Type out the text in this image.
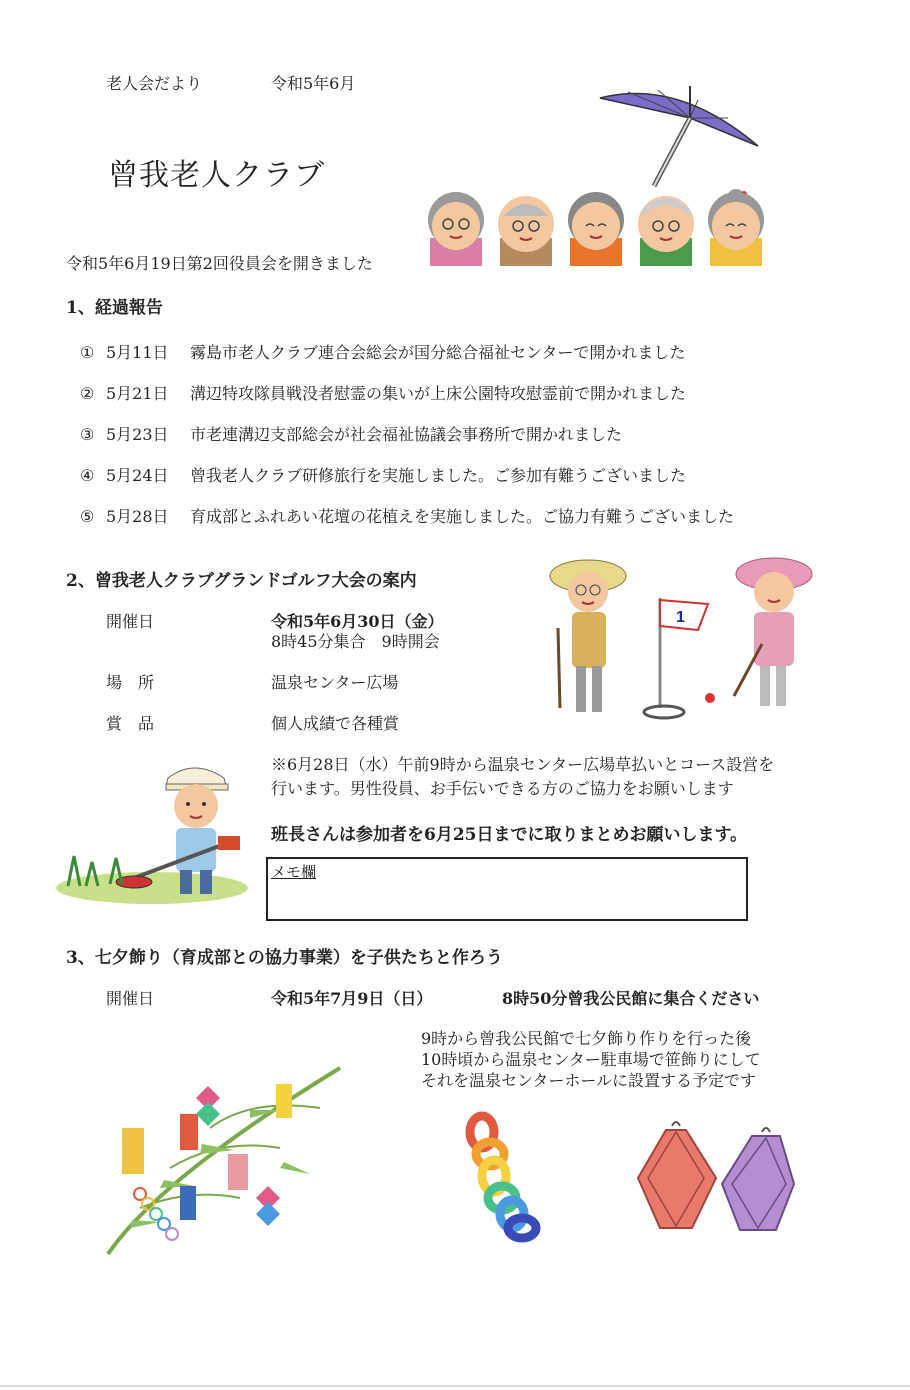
老人会だより	令和5年6月
曾我老人クラブ
令和5年6月19日第2回役員会を開きました
1、経過報告
① 5月11日 霧島市老人クラブ連合会総会が国分総合福祉センターで開かれました
② 5月21日 溝辺特攻隊員戦没者慰霊の集いが上床公園特攻慰霊前で開かれました
③ 5月23日 市老連溝辺支部総会が社会福祉協議会事務所で開かれました
④ 5月24日 曾我老人クラブ研修旅行を実施しました。ご参加有難うございました
⑤ 5月28日 育成部とふれあい花壇の花植えを実施しました。ご協力有難うございました
2、曾我老人クラブグランドゴルフ大会の案内
開催日	令和5年6月30日（金）
8時45分集合　9時開会
場　所	温泉センター広場
賞　品	個人成績で各種賞
※6月28日（水）午前9時から温泉センター広場草払いとコース設営を
行います。男性役員、お手伝いできる方のご協力をお願いします
班長さんは参加者を6月25日までに取りまとめお願いします。
メモ欄
1
3、七夕飾り（育成部との協力事業）を子供たちと作ろう
開催日	令和5年7月9日（日）	8時50分曾我公民館に集合ください
9時から曾我公民館で七夕飾り作りを行った後
10時頃から温泉センター駐車場で笹飾りにして
それを温泉センターホールに設置する予定です
